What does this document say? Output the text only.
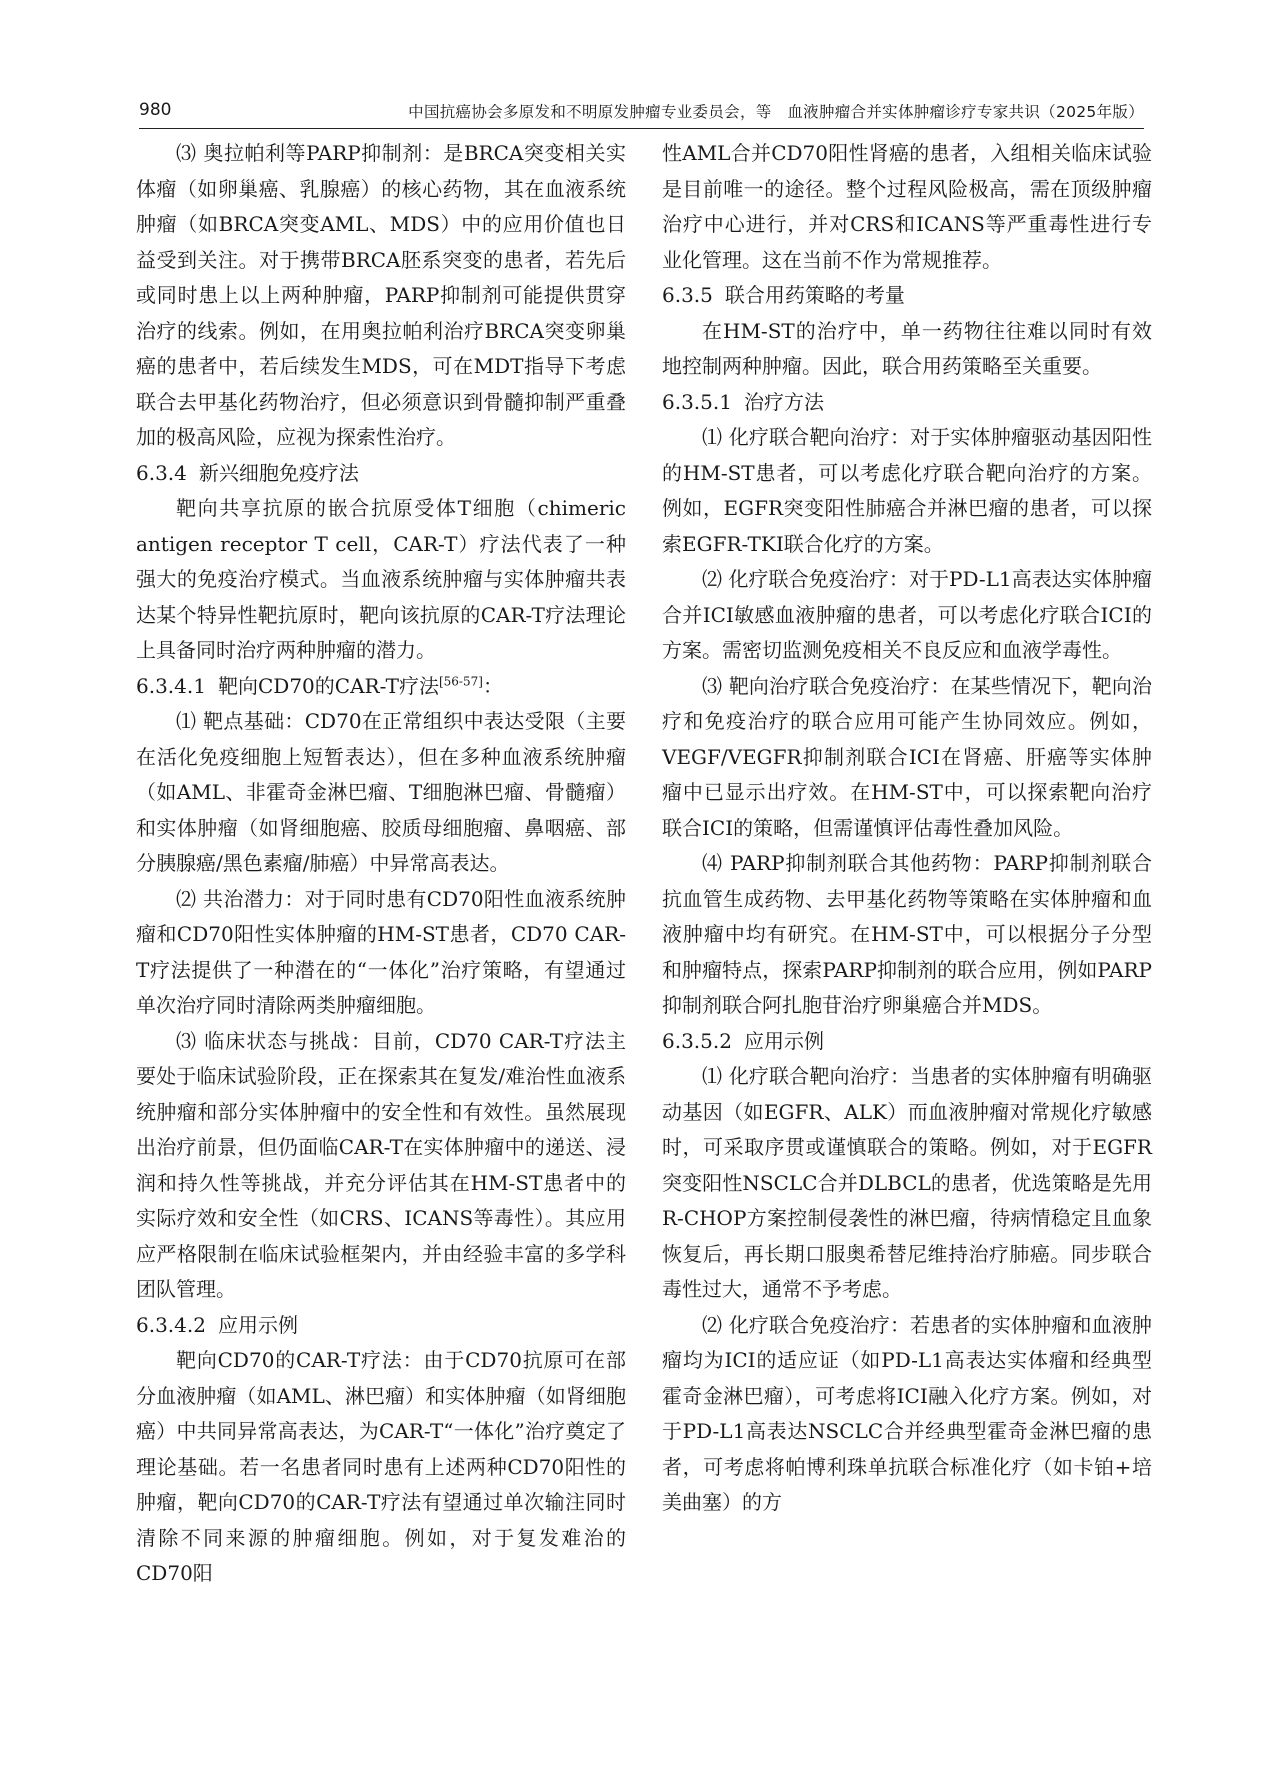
980	中国抗癌协会多原发和不明原发肿瘤专业委员会，等　血液肿瘤合并实体肿瘤诊疗专家共识（2025年版）

⑶ 奥拉帕利等PARP抑制剂：是BRCA突变相关实体瘤（如卵巢癌、乳腺癌）的核心药物，其在血液系统肿瘤（如BRCA突变AML、MDS）中的应用价值也日益受到关注。对于携带BRCA胚系突变的患者，若先后或同时患上以上两种肿瘤，PARP抑制剂可能提供贯穿治疗的线索。例如，在用奥拉帕利治疗BRCA突变卵巢癌的患者中，若后续发生MDS，可在MDT指导下考虑联合去甲基化药物治疗，但必须意识到骨髓抑制严重叠加的极高风险，应视为探索性治疗。

6.3.4 新兴细胞免疫疗法

靶向共享抗原的嵌合抗原受体T细胞（chimeric antigen receptor T cell，CAR-T）疗法代表了一种强大的免疫治疗模式。当血液系统肿瘤与实体肿瘤共表达某个特异性靶抗原时，靶向该抗原的CAR-T疗法理论上具备同时治疗两种肿瘤的潜力。

6.3.4.1 靶向CD70的CAR-T疗法[56-57]：

⑴ 靶点基础：CD70在正常组织中表达受限（主要在活化免疫细胞上短暂表达），但在多种血液系统肿瘤（如AML、非霍奇金淋巴瘤、T细胞淋巴瘤、骨髓瘤）和实体肿瘤（如肾细胞癌、胶质母细胞瘤、鼻咽癌、部分胰腺癌/黑色素瘤/肺癌）中异常高表达。

⑵ 共治潜力：对于同时患有CD70阳性血液系统肿瘤和CD70阳性实体肿瘤的HM-ST患者，CD70 CAR-T疗法提供了一种潜在的“一体化”治疗策略，有望通过单次治疗同时清除两类肿瘤细胞。

⑶ 临床状态与挑战：目前，CD70 CAR-T疗法主要处于临床试验阶段，正在探索其在复发/难治性血液系统肿瘤和部分实体肿瘤中的安全性和有效性。虽然展现出治疗前景，但仍面临CAR-T在实体肿瘤中的递送、浸润和持久性等挑战，并充分评估其在HM-ST患者中的实际疗效和安全性（如CRS、ICANS等毒性）。其应用应严格限制在临床试验框架内，并由经验丰富的多学科团队管理。

6.3.4.2 应用示例

靶向CD70的CAR-T疗法：由于CD70抗原可在部分血液肿瘤（如AML、淋巴瘤）和实体肿瘤（如肾细胞癌）中共同异常高表达，为CAR-T“一体化”治疗奠定了理论基础。若一名患者同时患有上述两种CD70阳性的肿瘤，靶向CD70的CAR-T疗法有望通过单次输注同时清除不同来源的肿瘤细胞。例如，对于复发难治的CD70阳

性AML合并CD70阳性肾癌的患者，入组相关临床试验是目前唯一的途径。整个过程风险极高，需在顶级肿瘤治疗中心进行，并对CRS和ICANS等严重毒性进行专业化管理。这在当前不作为常规推荐。

6.3.5 联合用药策略的考量

在HM-ST的治疗中，单一药物往往难以同时有效地控制两种肿瘤。因此，联合用药策略至关重要。

6.3.5.1 治疗方法

⑴ 化疗联合靶向治疗：对于实体肿瘤驱动基因阳性的HM-ST患者，可以考虑化疗联合靶向治疗的方案。例如，EGFR突变阳性肺癌合并淋巴瘤的患者，可以探索EGFR-TKI联合化疗的方案。

⑵ 化疗联合免疫治疗：对于PD-L1高表达实体肿瘤合并ICI敏感血液肿瘤的患者，可以考虑化疗联合ICI的方案。需密切监测免疫相关不良反应和血液学毒性。

⑶ 靶向治疗联合免疫治疗：在某些情况下，靶向治疗和免疫治疗的联合应用可能产生协同效应。例如，VEGF/VEGFR抑制剂联合ICI在肾癌、肝癌等实体肿瘤中已显示出疗效。在HM-ST中，可以探索靶向治疗联合ICI的策略，但需谨慎评估毒性叠加风险。

⑷ PARP抑制剂联合其他药物：PARP抑制剂联合抗血管生成药物、去甲基化药物等策略在实体肿瘤和血液肿瘤中均有研究。在HM-ST中，可以根据分子分型和肿瘤特点，探索PARP抑制剂的联合应用，例如PARP抑制剂联合阿扎胞苷治疗卵巢癌合并MDS。

6.3.5.2 应用示例

⑴ 化疗联合靶向治疗：当患者的实体肿瘤有明确驱动基因（如EGFR、ALK）而血液肿瘤对常规化疗敏感时，可采取序贯或谨慎联合的策略。例如，对于EGFR突变阳性NSCLC合并DLBCL的患者，优选策略是先用R-CHOP方案控制侵袭性的淋巴瘤，待病情稳定且血象恢复后，再长期口服奥希替尼维持治疗肺癌。同步联合毒性过大，通常不予考虑。

⑵ 化疗联合免疫治疗：若患者的实体肿瘤和血液肿瘤均为ICI的适应证（如PD-L1高表达实体瘤和经典型霍奇金淋巴瘤），可考虑将ICI融入化疗方案。例如，对于PD-L1高表达NSCLC合并经典型霍奇金淋巴瘤的患者，可考虑将帕博利珠单抗联合标准化疗（如卡铂+培美曲塞）的方
